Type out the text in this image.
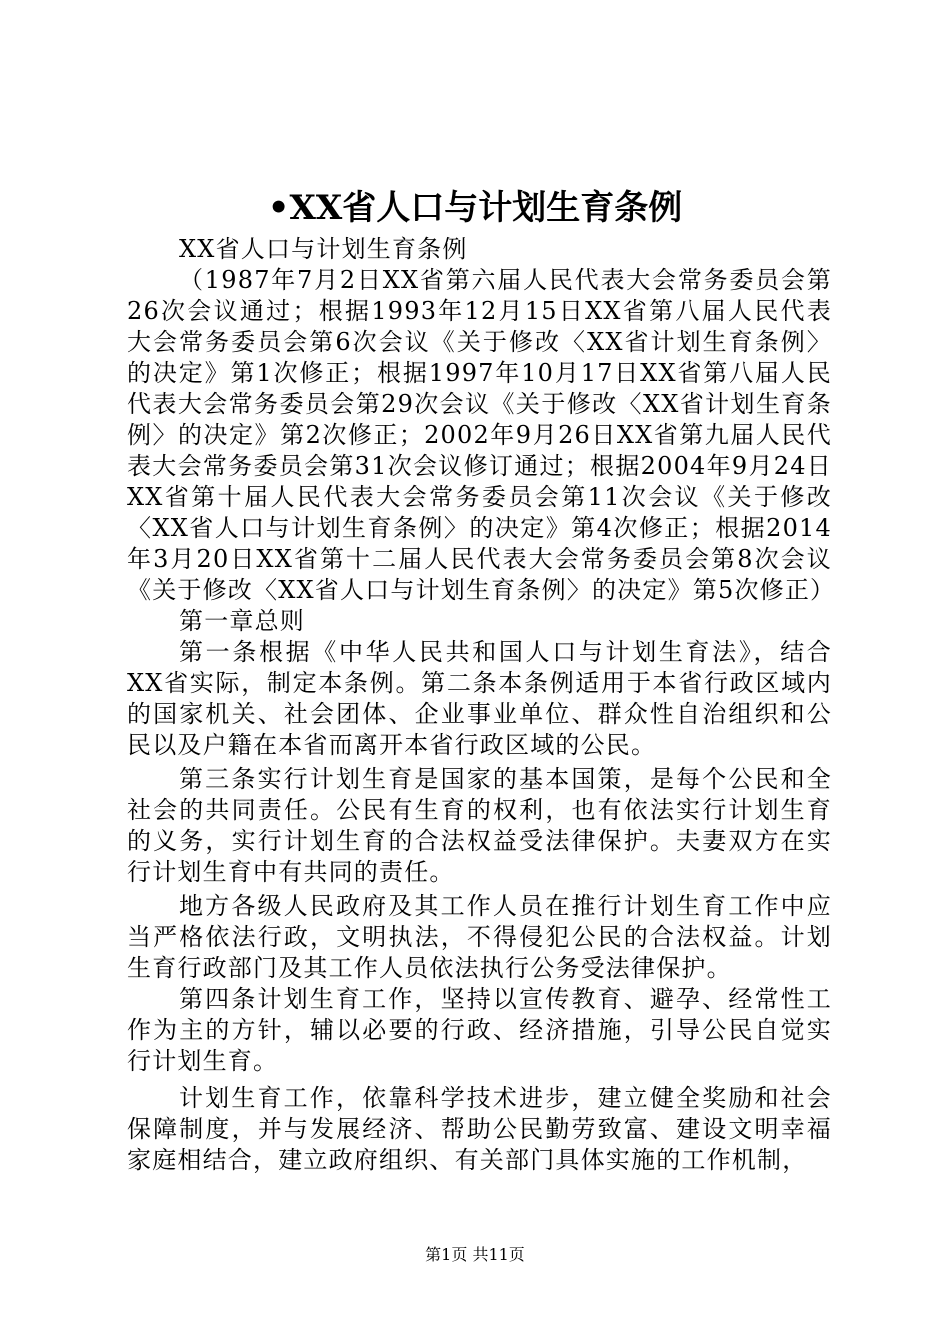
•XX省人口与计划生育条例

XX省人口与计划生育条例

（1987年7月2日XX省第六届人民代表大会常务委员会第26次会议通过；根据1993年12月15日XX省第八届人民代表大会常务委员会第6次会议《关于修改〈XX省计划生育条例〉的决定》第1次修正；根据1997年10月17日XX省第八届人民代表大会常务委员会第29次会议《关于修改〈XX省计划生育条例〉的决定》第2次修正；2002年9月26日XX省第九届人民代表大会常务委员会第31次会议修订通过；根据2004年9月24日XX省第十届人民代表大会常务委员会第11次会议《关于修改〈XX省人口与计划生育条例〉的决定》第4次修正；根据2014年3月20日XX省第十二届人民代表大会常务委员会第8次会议《关于修改〈XX省人口与计划生育条例〉的决定》第5次修正）

第一章总则

第一条根据《中华人民共和国人口与计划生育法》，结合XX省实际，制定本条例。第二条本条例适用于本省行政区域内的国家机关、社会团体、企业事业单位、群众性自治组织和公民以及户籍在本省而离开本省行政区域的公民。

第三条实行计划生育是国家的基本国策，是每个公民和全社会的共同责任。公民有生育的权利，也有依法实行计划生育的义务，实行计划生育的合法权益受法律保护。夫妻双方在实行计划生育中有共同的责任。

地方各级人民政府及其工作人员在推行计划生育工作中应当严格依法行政，文明执法，不得侵犯公民的合法权益。计划生育行政部门及其工作人员依法执行公务受法律保护。

第四条计划生育工作，坚持以宣传教育、避孕、经常性工作为主的方针，辅以必要的行政、经济措施，引导公民自觉实行计划生育。

计划生育工作，依靠科学技术进步，建立健全奖励和社会保障制度，并与发展经济、帮助公民勤劳致富、建设文明幸福家庭相结合，建立政府组织、有关部门具体实施的工作机制，

第1页 共11页
